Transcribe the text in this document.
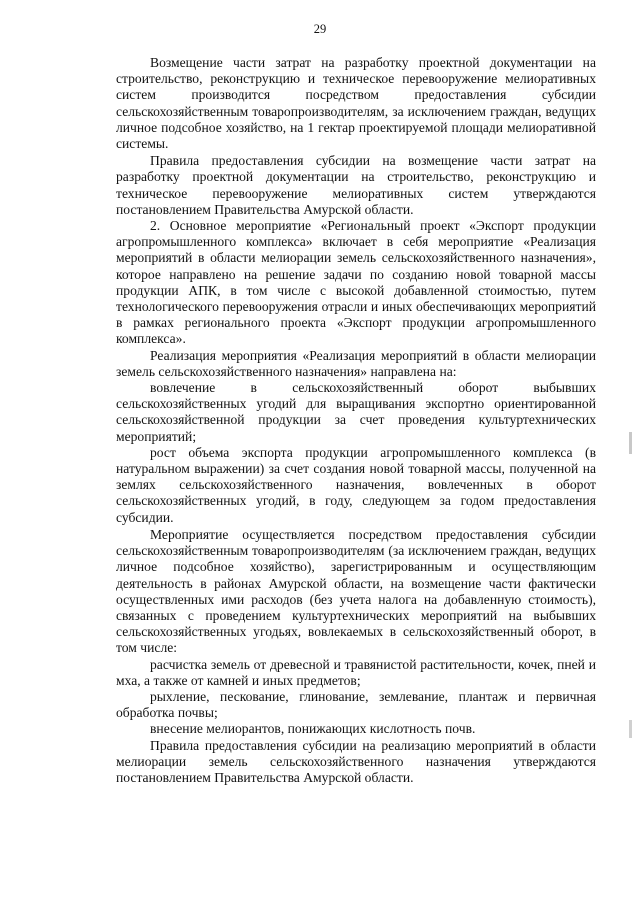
29

Возмещение части затрат на разработку проектной документации на строительство, реконструкцию и техническое перевооружение мелиоративных систем производится посредством предоставления субсидии сельскохозяйственным товаропроизводителям, за исключением граждан, ведущих личное подсобное хозяйство, на 1 гектар проектируемой площади мелиоративной системы.

Правила предоставления субсидии на возмещение части затрат на разработку проектной документации на строительство, реконструкцию и техническое перевооружение мелиоративных систем утверждаются постановлением Правительства Амурской области.

2. Основное мероприятие «Региональный проект «Экспорт продукции агропромышленного комплекса» включает в себя мероприятие «Реализация мероприятий в области мелиорации земель сельскохозяйственного назначения», которое направлено на решение задачи по созданию новой товарной массы продукции АПК, в том числе с высокой добавленной стоимостью, путем технологического перевооружения отрасли и иных обеспечивающих мероприятий в рамках регионального проекта «Экспорт продукции агропромышленного комплекса».

Реализация мероприятия «Реализация мероприятий в области мелиорации земель сельскохозяйственного назначения» направлена на:

вовлечение в сельскохозяйственный оборот выбывших сельскохозяйственных угодий для выращивания экспортно ориентированной сельскохозяйственной продукции за счет проведения культуртехнических мероприятий;

рост объема экспорта продукции агропромышленного комплекса (в натуральном выражении) за счет создания новой товарной массы, полученной на землях сельскохозяйственного назначения, вовлеченных в оборот сельскохозяйственных угодий, в году, следующем за годом предоставления субсидии.

Мероприятие осуществляется посредством предоставления субсидии сельскохозяйственным товаропроизводителям (за исключением граждан, ведущих личное подсобное хозяйство), зарегистрированным и осуществляющим деятельность в районах Амурской области, на возмещение части фактически осуществленных ими расходов (без учета налога на добавленную стоимость), связанных с проведением культуртехнических мероприятий на выбывших сельскохозяйственных угодьях, вовлекаемых в сельскохозяйственный оборот, в том числе:

расчистка земель от древесной и травянистой растительности, кочек, пней и мха, а также от камней и иных предметов;

рыхление, пескование, глинование, землевание, плантаж и первичная обработка почвы;

внесение мелиорантов, понижающих кислотность почв.

Правила предоставления субсидии на реализацию мероприятий в области мелиорации земель сельскохозяйственного назначения утверждаются постановлением Правительства Амурской области.
